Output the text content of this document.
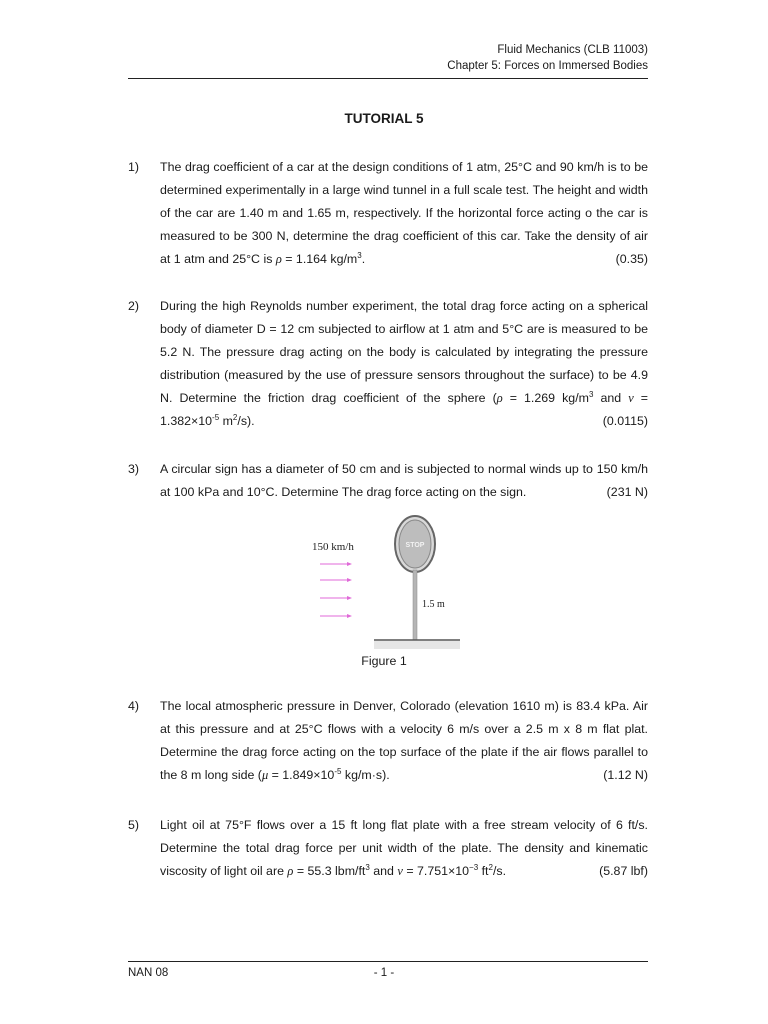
Fluid Mechanics (CLB 11003)
Chapter 5: Forces on Immersed Bodies
TUTORIAL 5
1) The drag coefficient of a car at the design conditions of 1 atm, 25°C and 90 km/h is to be determined experimentally in a large wind tunnel in a full scale test. The height and width of the car are 1.40 m and 1.65 m, respectively. If the horizontal force acting o the car is measured to be 300 N, determine the drag coefficient of this car. Take the density of air at 1 atm and 25°C is ρ = 1.164 $kg/m^3$.	(0.35)
2) During the high Reynolds number experiment, the total drag force acting on a spherical body of diameter D = 12 cm subjected to airflow at 1 atm and 5°C are is measured to be 5.2 N. The pressure drag acting on the body is calculated by integrating the pressure distribution (measured by the use of pressure sensors throughout the surface) to be 4.9 N. Determine the friction drag coefficient of the sphere (ρ = 1.269 $kg/m^3$ and $\nu = 1.382\times 10^{-5}$ $m^2/s$).	(0.0115)
3) A circular sign has a diameter of 50 cm and is subjected to normal winds up to 150 km/h at 100 kPa and 10°C. Determine The drag force acting on the sign.	(231 N)
150 km/h	STOP
1.5 m
Figure 1
4) The local atmospheric pressure in Denver, Colorado (elevation 1610 m) is 83.4 kPa. Air at this pressure and at 25°C flows with a velocity 6 m/s over a 2.5 m x 8 m flat plat. Determine the drag force acting on the top surface of the plate if the air flows parallel to the 8 m long side ($\mu = 1.849\times 10^{-5}$ kg/m·s).	(1.12 N)
5) Light oil at 75°F flows over a 15 ft long flat plate with a free stream velocity of 6 ft/s. Determine the total drag force per unit width of the plate. The density and kinematic viscosity of light oil are ρ = 55.3 lbm/$ft^3$ and $\nu = 7.751\times 10^{-3}$ $ft^2/s$.	(5.87 lbf)
NAN 08	- 1 -
